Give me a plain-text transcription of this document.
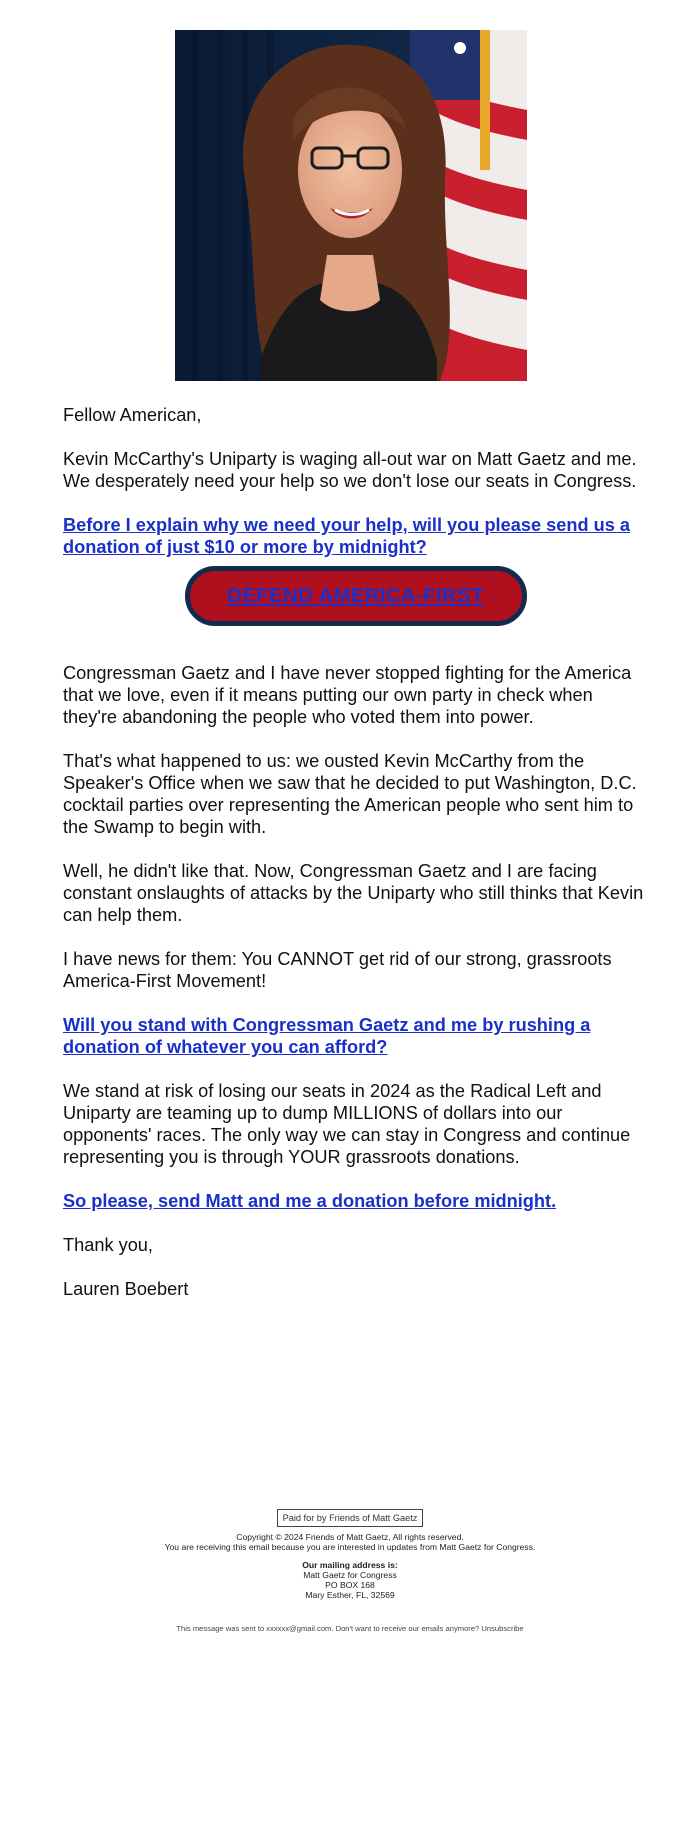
Fellow American,

Kevin McCarthy's Uniparty is waging all-out war on Matt Gaetz and me. We desperately need your help so we don't lose our seats in Congress.

Before I explain why we need your help, will you please send us a donation of just $10 or more by midnight?

DEFEND AMERICA-FIRST

Congressman Gaetz and I have never stopped fighting for the America that we love, even if it means putting our own party in check when they're abandoning the people who voted them into power.

That's what happened to us: we ousted Kevin McCarthy from the Speaker's Office when we saw that he decided to put Washington, D.C. cocktail parties over representing the American people who sent him to the Swamp to begin with.

Well, he didn't like that. Now, Congressman Gaetz and I are facing constant onslaughts of attacks by the Uniparty who still thinks that Kevin can help them.

I have news for them: You CANNOT get rid of our strong, grassroots America-First Movement!

Will you stand with Congressman Gaetz and me by rushing a donation of whatever you can afford?

We stand at risk of losing our seats in 2024 as the Radical Left and Uniparty are teaming up to dump MILLIONS of dollars into our opponents' races. The only way we can stay in Congress and continue representing you is through YOUR grassroots donations.

So please, send Matt and me a donation before midnight.

Thank you,

Lauren Boebert

Paid for by Friends of Matt Gaetz
Copyright © 2024 Friends of Matt Gaetz, All rights reserved.
You are receiving this email because you are interested in updates from Matt Gaetz for Congress.
Our mailing address is:
Matt Gaetz for Congress
PO BOX 168
Mary Esther, FL, 32569
This message was sent to xxxxxx@gmail.com. Don't want to receive our emails anymore? Unsubscribe
